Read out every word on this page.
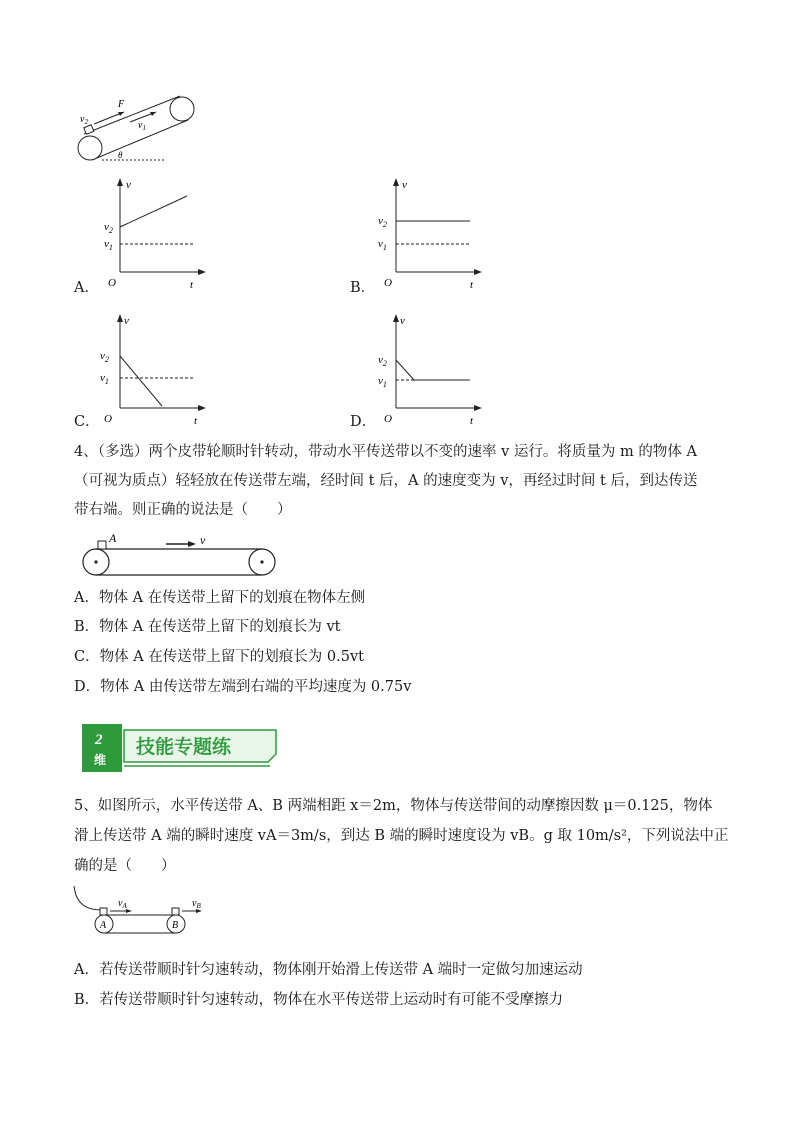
$v_2$
F
$v_1$
θ
v
t
O
$v_2$
$v_1$
A．
v
t
O
$v_2$
$v_1$
B．
v
t
O
$v_2$
$v_1$
C．
v
t
O
$v_2$
$v_1$
D．
4、（多选）两个皮带轮顺时针转动，带动水平传送带以不变的速率 v 运行。将质量为 m 的物体 A
（可视为质点）轻轻放在传送带左端，经时间 t 后，A 的速度变为 v，再经过时间 t 后，到达传送
带右端。则正确的说法是（　　）
A	v
A．物体 A 在传送带上留下的划痕在物体左侧
B．物体 A 在传送带上留下的划痕长为 vt
C．物体 A 在传送带上留下的划痕长为 0.5vt
D．物体 A 由传送带左端到右端的平均速度为 0.75v
2
维
技能专题练
5、如图所示，水平传送带 A、B 两端相距 x＝2m，物体与传送带间的动摩擦因数 μ＝0.125，物体
滑上传送带 A 端的瞬时速度 vA＝3m/s，到达 B 端的瞬时速度设为 vB。g 取 10m/s²，下列说法中正
确的是（　　）
$v_A$	$v_B$
A	B
A．若传送带顺时针匀速转动，物体刚开始滑上传送带 A 端时一定做匀加速运动
B．若传送带顺时针匀速转动，物体在水平传送带上运动时有可能不受摩擦力
